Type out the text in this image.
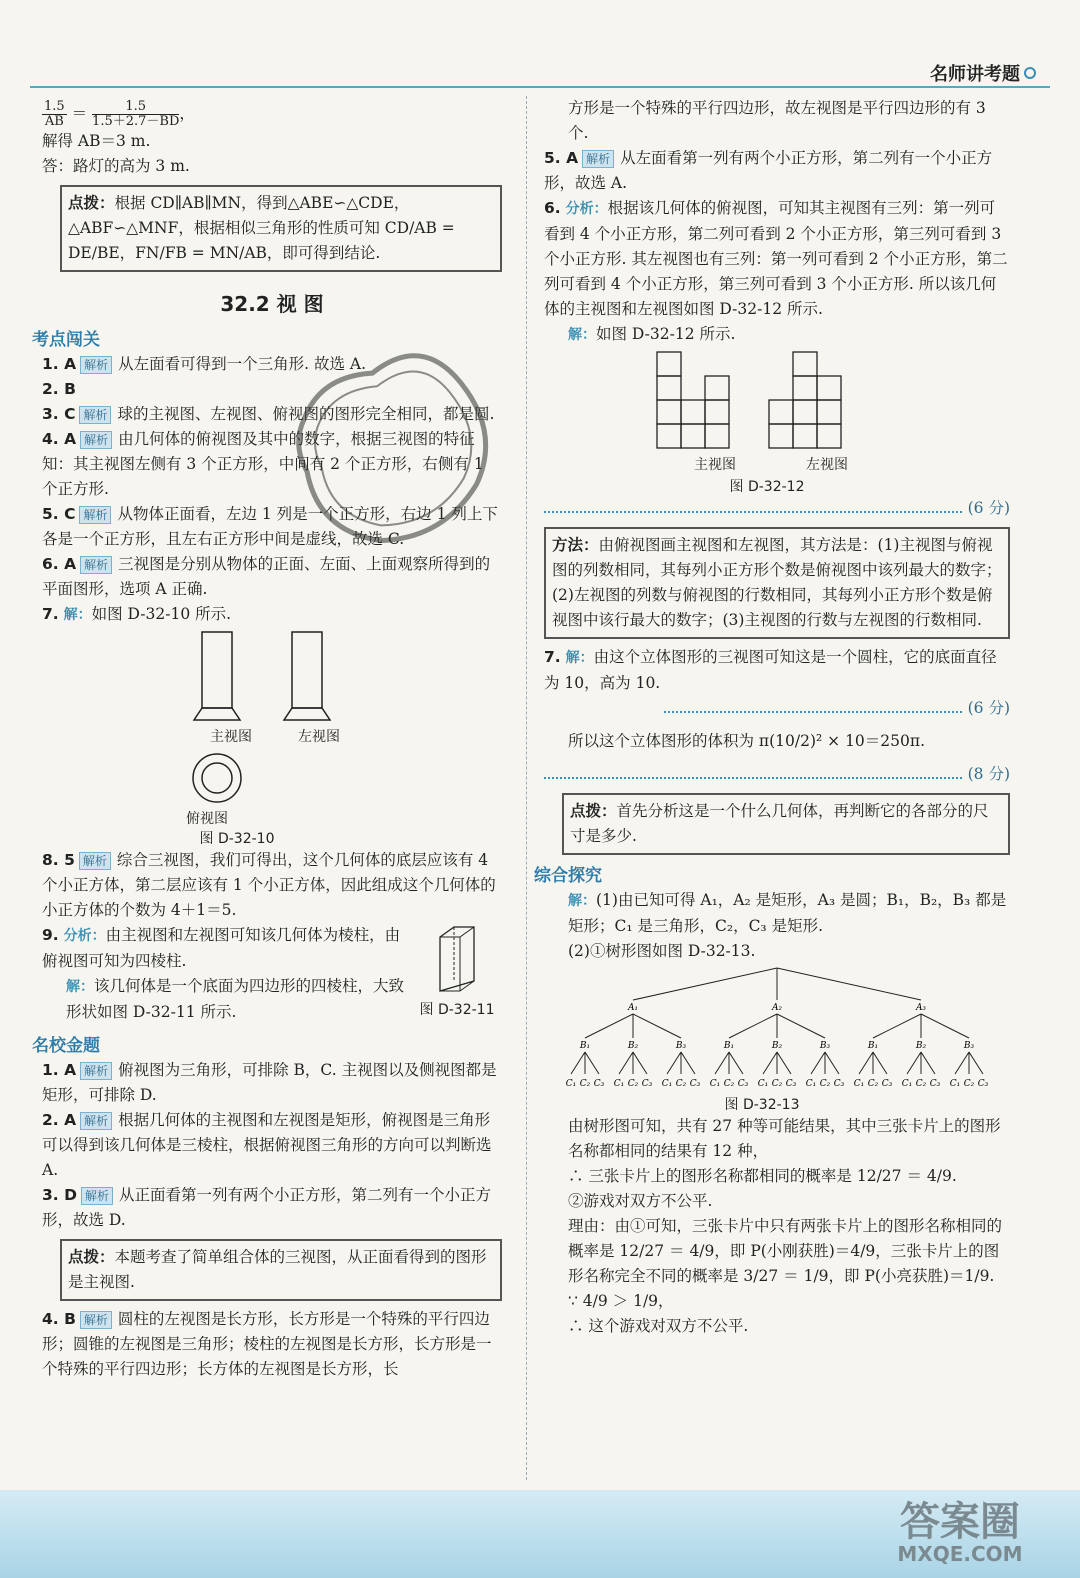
名师讲考题

$\frac{1.5}{AB} = \frac{1.5}{1.5+2.7-BD}$ ，

解得 AB＝3 m.

答：路灯的高为 3 m.

点拨：根据 CD∥AB∥MN，得到△ABE∽△CDE，△ABF∽△MNF，根据相似三角形的性质可知 CD/AB = DE/BE，FN/FB = MN/AB，即可得到结论.
32.2 视 图
考点闯关

1. A 解析 从左面看可得到一个三角形. 故选 A.

2. B

3. C 解析 球的主视图、左视图、俯视图的图形完全相同，都是圆.

4. A 解析 由几何体的俯视图及其中的数字，根据三视图的特征知：其主视图左侧有 3 个正方形，中间有 2 个正方形，右侧有 1 个正方形.

5. C 解析 从物体正面看，左边 1 列是一个正方形，右边 1 列上下各是一个正方形，且左右正方形中间是虚线，故选 C.

6. A 解析 三视图是分别从物体的正面、左面、上面观察所得到的平面图形，选项 A 正确.

7. 解：如图 D-32-10 所示.

主视图	左视图
俯视图
图 D-32-10

8. 5 解析 综合三视图，我们可得出，这个几何体的底层应该有 4 个小正方体，第二层应该有 1 个小正方体，因此组成这个几何体的小正方体的个数为 4＋1＝5.

9. 分析：由主视图和左视图可知该几何体为棱柱，由俯视图可知为四棱柱.

解：该几何体是一个底面为四边形的四棱柱，大致形状如图 D-32-11 所示.	图 D-32-11
名校金题

1. A 解析 俯视图为三角形，可排除 B，C. 主视图以及侧视图都是矩形，可排除 D.

2. A 解析 根据几何体的主视图和左视图是矩形，俯视图是三角形可以得到该几何体是三棱柱，根据俯视图三角形的方向可以判断选 A.

3. D 解析 从正面看第一列有两个小正方形，第二列有一个小正方形，故选 D.

点拨：本题考查了简单组合体的三视图，从正面看得到的图形是主视图.

4. B 解析 圆柱的左视图是长方形，长方形是一个特殊的平行四边形；圆锥的左视图是三角形；棱柱的左视图是长方形，长方形是一个特殊的平行四边形；长方体的左视图是长方形，长

方形是一个特殊的平行四边形，故左视图是平行四边形的有 3 个.

5. A 解析 从左面看第一列有两个小正方形，第二列有一个小正方形，故选 A.

6. 分析：根据该几何体的俯视图，可知其主视图有三列：第一列可看到 4 个小正方形，第二列可看到 2 个小正方形，第三列可看到 3 个小正方形. 其左视图也有三列：第一列可看到 2 个小正方形，第二列可看到 4 个小正方形，第三列可看到 3 个小正方形. 所以该几何体的主视图和左视图如图 D-32-12 所示.

解：如图 D-32-12 所示.

主视图	左视图
图 D-32-12
(6 分)
方法：由俯视图画主视图和左视图，其方法是：(1)主视图与俯视图的列数相同，其每列小正方形个数是俯视图中该列最大的数字；(2)左视图的列数与俯视图的行数相同，其每列小正方形个数是俯视图中该行最大的数字；(3)主视图的行数与左视图的行数相同.

7. 解：由这个立体图形的三视图可知这是一个圆柱，它的底面直径为 10，高为 10.

(6 分)

所以这个立体图形的体积为 π(10/2)² × 10＝250π.

(8 分)
点拨：首先分析这是一个什么几何体，再判断它的各部分的尺寸是多少.
综合探究

解：(1)由已知可得 A₁，A₂ 是矩形，A₃ 是圆；B₁，B₂，B₃ 都是矩形；C₁ 是三角形，C₂，C₃ 是矩形.

(2)①树形图如图 D-32-13.

A₁
B₁
C₁ C₂ C₃
B₂
C₁ C₂ C₃
B₃
C₁ C₂ C₃
A₂
B₁
C₁ C₂ C₃
B₂
C₁ C₂ C₃
B₃
C₁ C₂ C₃
A₃
B₁
C₁ C₂ C₃
B₂
C₁ C₂ C₃
B₃
C₁ C₂ C₃
图 D-32-13

由树形图可知，共有 27 种等可能结果，其中三张卡片上的图形名称都相同的结果有 12 种，

∴ 三张卡片上的图形名称都相同的概率是 12/27 ＝ 4/9.

②游戏对双方不公平.

理由：由①可知，三张卡片中只有两张卡片上的图形名称相同的概率是 12/27 ＝ 4/9，即 P(小刚获胜)＝4/9，三张卡片上的图形名称完全不同的概率是 3/27 ＝ 1/9，即 P(小亮获胜)＝1/9.

∵ 4/9 ＞ 1/9，

∴ 这个游戏对双方不公平.

答案圈
MXQE.COM
